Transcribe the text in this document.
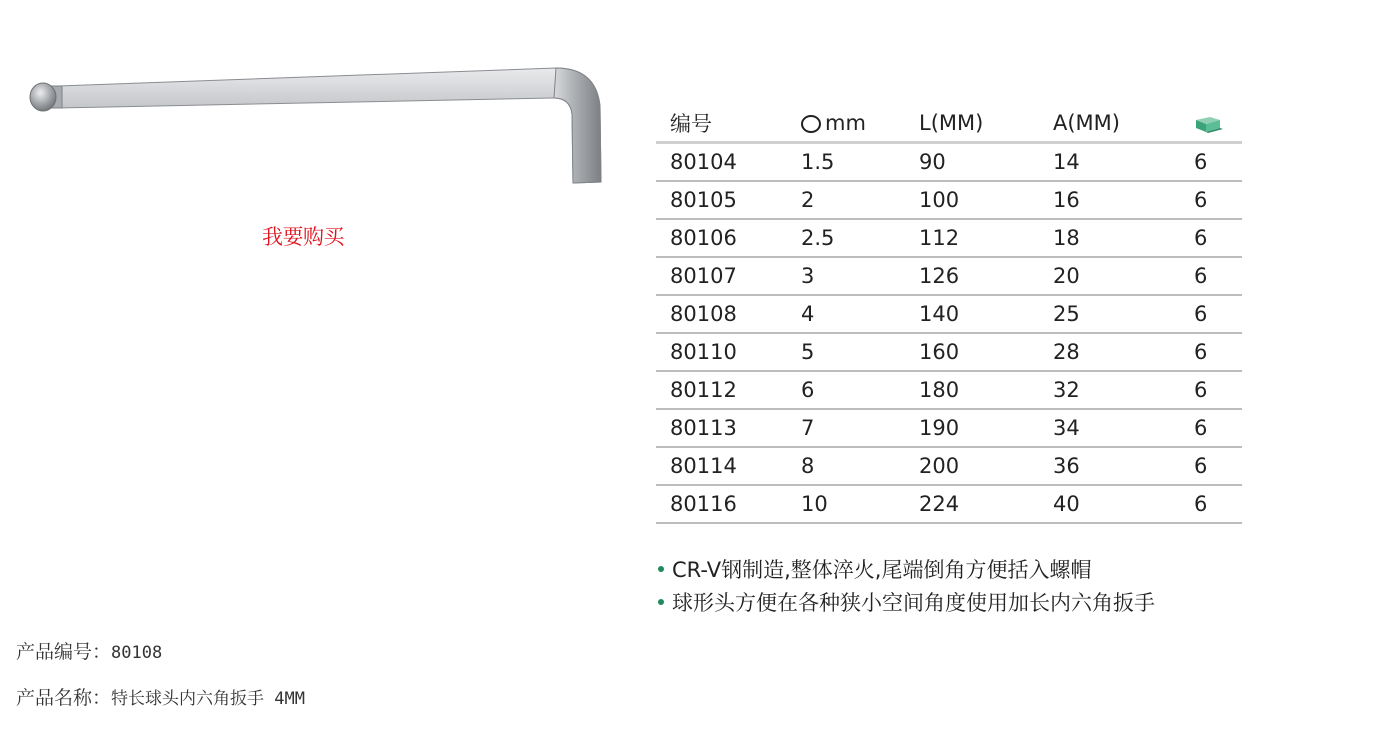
我要购买
编号	mm	L(MM)	A(MM)	
80104	1.5	90	14	6
80105	2	100	16	6
80106	2.5	112	18	6
80107	3	126	20	6
80108	4	140	25	6
80110	5	160	28	6
80112	6	180	32	6
80113	7	190	34	6
80114	8	200	36	6
80116	10	224	40	6
CR-V钢制造,整体淬火,尾端倒角方便括入螺帽
球形头方便在各种狭小空间角度使用加长内六角扳手
产品编号：80108
产品名称：特长球头内六角扳手 4MM
